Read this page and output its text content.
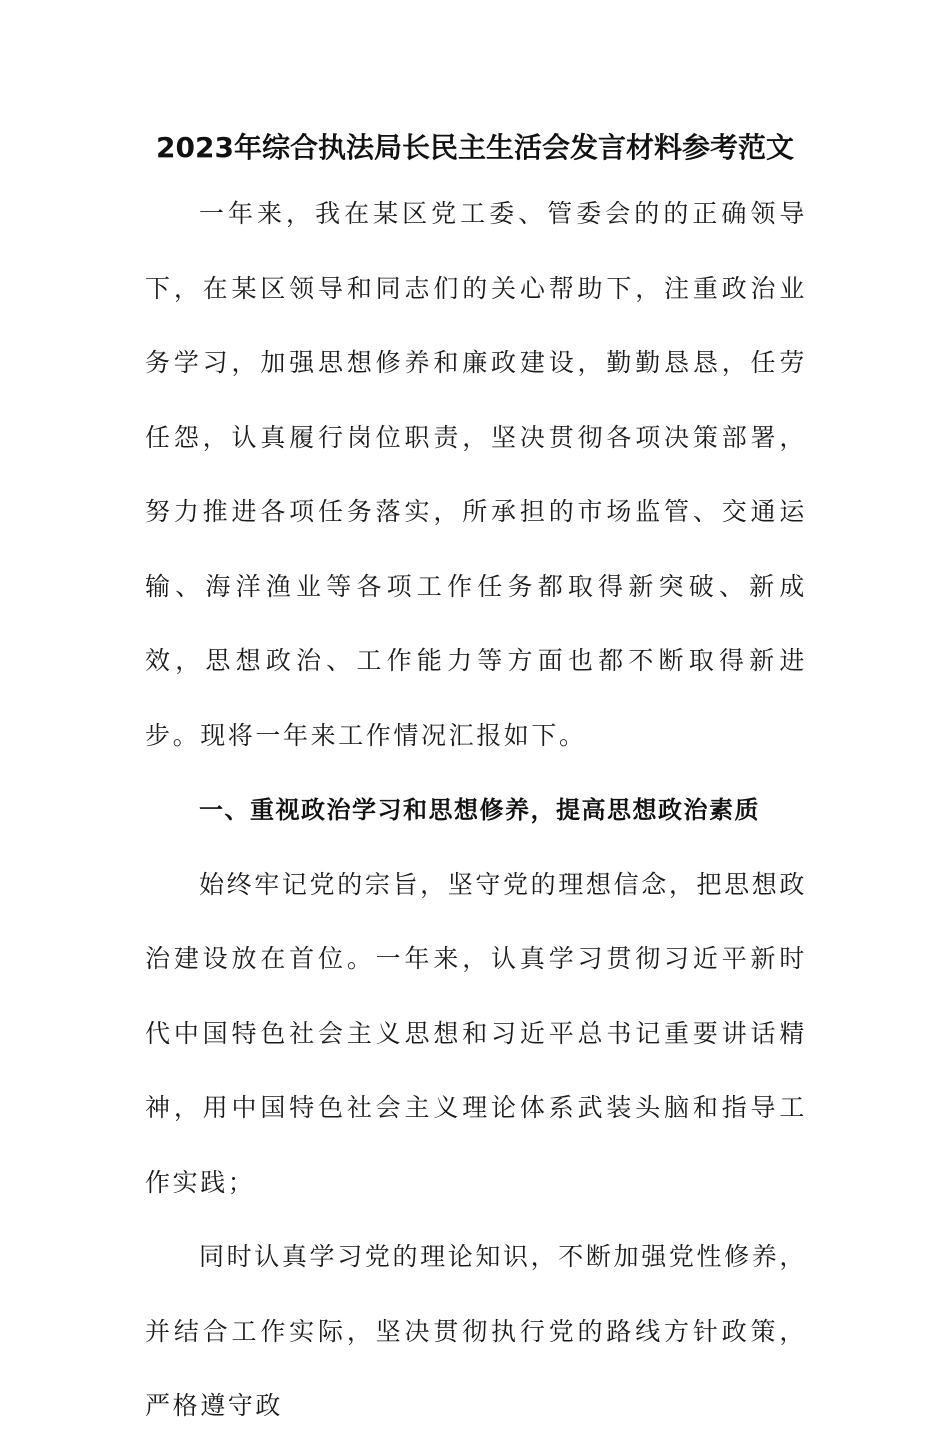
2023年综合执法局长民主生活会发言材料参考范文

一年来，我在某区党工委、管委会的的正确领导下，在某区领导和同志们的关心帮助下，注重政治业务学习，加强思想修养和廉政建设，勤勤恳恳，任劳任怨，认真履行岗位职责，坚决贯彻各项决策部署，努力推进各项任务落实，所承担的市场监管、交通运输、海洋渔业等各项工作任务都取得新突破、新成效，思想政治、工作能力等方面也都不断取得新进步。现将一年来工作情况汇报如下。

一、重视政治学习和思想修养，提高思想政治素质

始终牢记党的宗旨，坚守党的理想信念，把思想政治建设放在首位。一年来，认真学习贯彻习近平新时代中国特色社会主义思想和习近平总书记重要讲话精神，用中国特色社会主义理论体系武装头脑和指导工作实践；

同时认真学习党的理论知识，不断加强党性修养，并结合工作实际，坚决贯彻执行党的路线方针政策，严格遵守政
